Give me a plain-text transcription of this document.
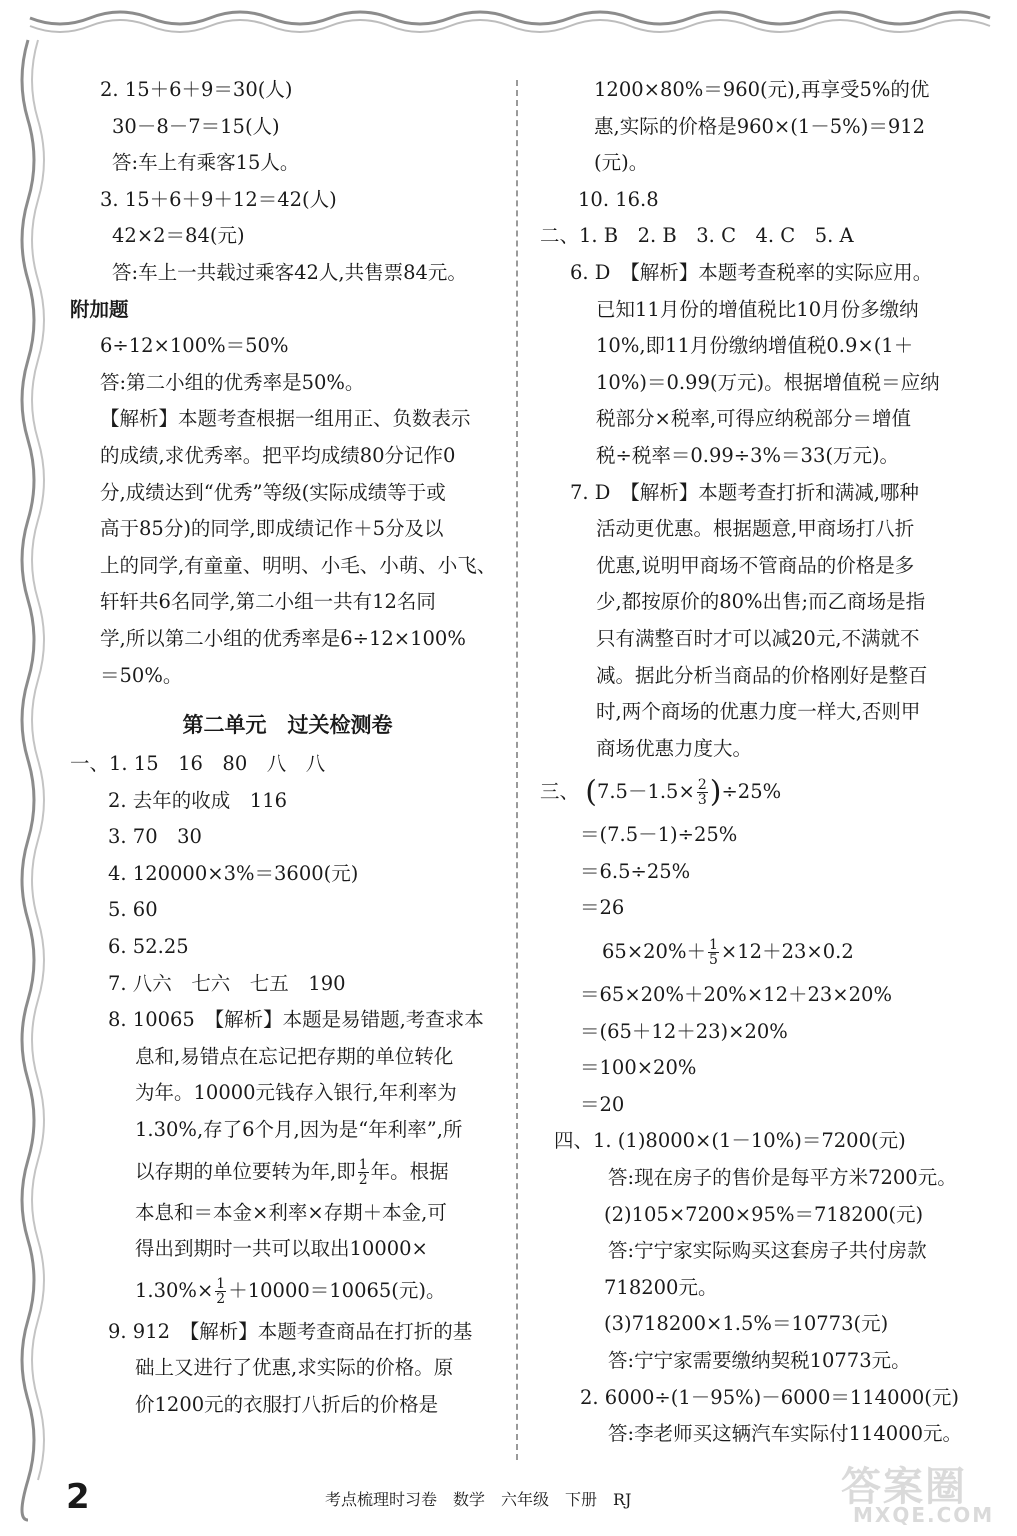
2. 15＋6＋9＝30(人)
30－8－7＝15(人)
答:车上有乘客15人。
3. 15＋6＋9＋12＝42(人)
42×2＝84(元)
答:车上一共载过乘客42人,共售票84元。
附加题
6÷12×100%＝50%
答:第二小组的优秀率是50%。
【解析】本题考查根据一组用正、负数表示
的成绩,求优秀率。把平均成绩80分记作0
分,成绩达到“优秀”等级(实际成绩等于或
高于85分)的同学,即成绩记作＋5分及以
上的同学,有童童、明明、小毛、小萌、小飞、
轩轩共6名同学,第二小组一共有12名同
学,所以第二小组的优秀率是6÷12×100%
＝50%。
第二单元　过关检测卷
一、1. 15　16　80　八　八
2. 去年的收成　116
3. 70　30
4. 120000×3%＝3600(元)
5. 60
6. 52.25
7. 八六　七六　七五　190
8. 10065　【解析】本题是易错题,考查求本
息和,易错点在忘记把存期的单位转化
为年。10000元钱存入银行,年利率为
1.30%,存了6个月,因为是“年利率”,所
以存期的单位要转为年,即 $\frac{1}{2}$ 年。根据
本息和＝本金×利率×存期＋本金,可
得出到期时一共可以取出10000×
$1.30\%\times \frac{1}{2} +10000=10065$(元)。
9. 912　【解析】本题考查商品在打折的基
础上又进行了优惠,求实际的价格。原
价1200元的衣服打八折后的价格是
1200×80%＝960(元),再享受5%的优
惠,实际的价格是960×(1－5%)＝912
(元)。
10. 16.8
二、1. B　2. B　3. C　4. C　5. A
6. D　【解析】本题考查税率的实际应用。
已知11月份的增值税比10月份多缴纳
10%,即11月份缴纳增值税0.9×(1＋
10%)＝0.99(万元)。根据增值税＝应纳
税部分×税率,可得应纳税部分＝增值
税÷税率＝0.99÷3%＝33(万元)。
7. D　【解析】本题考查打折和满减,哪种
活动更优惠。根据题意,甲商场打八折
优惠,说明甲商场不管商品的价格是多
少,都按原价的80%出售;而乙商场是指
只有满整百时才可以减20元,不满就不
减。据此分析当商品的价格刚好是整百
时,两个商场的优惠力度一样大,否则甲
商场优惠力度大。
三、 $(7.5-1.5\times \frac{2}{3} )\div 25\%$
＝(7.5－1)÷25%
＝6.5÷25%
＝26
$65\times 20\%+ \frac{1}{5} \times 12+23\times 0.2$
＝65×20%＋20%×12＋23×20%
＝(65＋12＋23)×20%
＝100×20%
＝20
四、1. (1)8000×(1－10%)＝7200(元)
答:现在房子的售价是每平方米7200元。
(2)105×7200×95%＝718200(元)
答:宁宁家实际购买这套房子共付房款
718200元。
(3)718200×1.5%＝10773(元)
答:宁宁家需要缴纳契税10773元。
2. 6000÷(1－95%)－6000＝114000(元)
答:李老师买这辆汽车实际付114000元。
2	考点梳理时习卷　数学　六年级　下册　RJ	答案圈
MXQE.COM
